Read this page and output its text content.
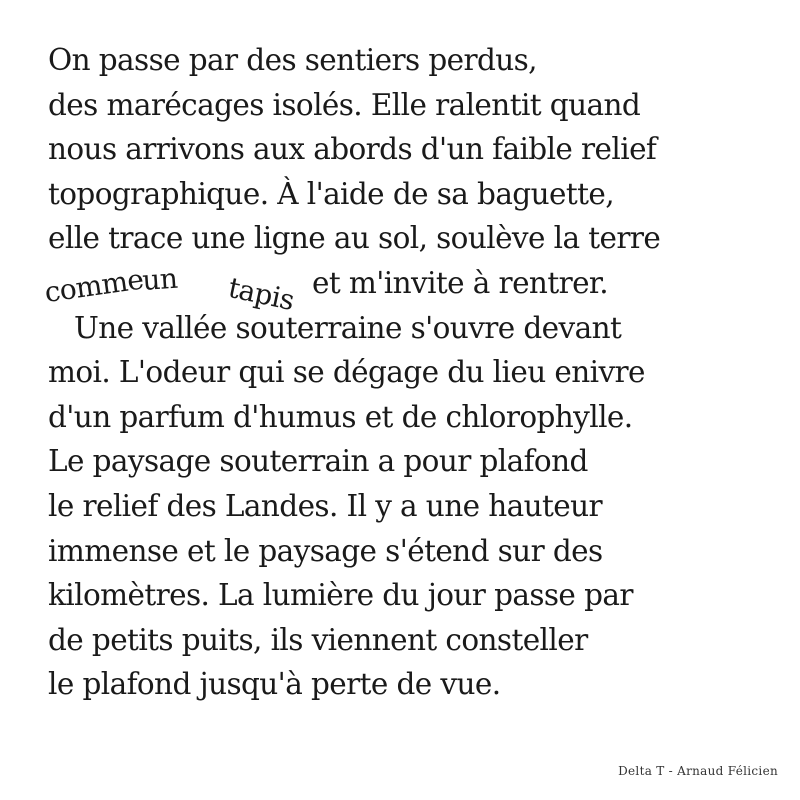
On passe par des sentiers perdus,
des marécages isolés. Elle ralentit quand
nous arrivons aux abords d'un faible relief
topographique. À l'aide de sa baguette,
elle trace une ligne au sol, soulève la terre
comme
un tapis et m'invite à rentrer.
Une vallée souterraine s'ouvre devant
moi. L'odeur qui se dégage du lieu enivre
d'un parfum d'humus et de chlorophylle.
Le paysage souterrain a pour plafond
le relief des Landes. Il y a une hauteur
immense et le paysage s'étend sur des
kilomètres. La lumière du jour passe par
de petits puits, ils viennent consteller
le plafond jusqu'à perte de vue.
Delta T - Arnaud Félicien
